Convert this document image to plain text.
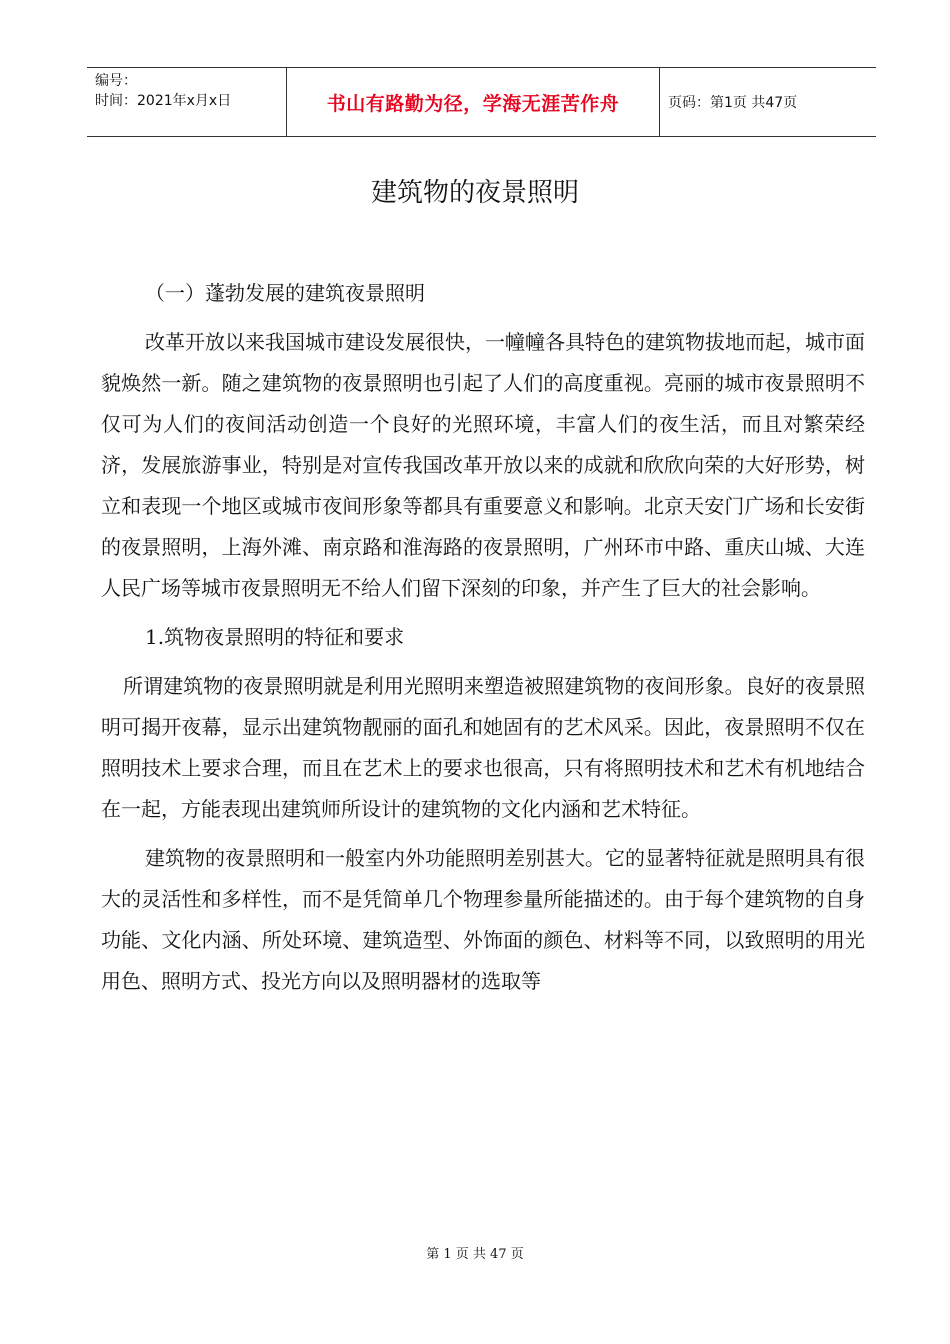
编号：
时间：2021年x月x日	书山有路勤为径，学海无涯苦作舟	页码：第1页 共47页
建筑物的夜景照明

（一）蓬勃发展的建筑夜景照明

改革开放以来我国城市建设发展很快，一幢幢各具特色的建筑物拔地而起，城市面貌焕然一新。随之建筑物的夜景照明也引起了人们的高度重视。亮丽的城市夜景照明不仅可为人们的夜间活动创造一个良好的光照环境，丰富人们的夜生活，而且对繁荣经济，发展旅游事业，特别是对宣传我国改革开放以来的成就和欣欣向荣的大好形势，树立和表现一个地区或城市夜间形象等都具有重要意义和影响。北京天安门广场和长安街的夜景照明，上海外滩、南京路和淮海路的夜景照明，广州环市中路、重庆山城、大连人民广场等城市夜景照明无不给人们留下深刻的印象，并产生了巨大的社会影响。

1.筑物夜景照明的特征和要求

所谓建筑物的夜景照明就是利用光照明来塑造被照建筑物的夜间形象。良好的夜景照明可揭开夜幕，显示出建筑物靓丽的面孔和她固有的艺术风采。因此，夜景照明不仅在照明技术上要求合理，而且在艺术上的要求也很高，只有将照明技术和艺术有机地结合在一起，方能表现出建筑师所设计的建筑物的文化内涵和艺术特征。

建筑物的夜景照明和一般室内外功能照明差别甚大。它的显著特征就是照明具有很大的灵活性和多样性，而不是凭简单几个物理参量所能描述的。由于每个建筑物的自身功能、文化内涵、所处环境、建筑造型、外饰面的颜色、材料等不同，以致照明的用光用色、照明方式、投光方向以及照明器材的选取等

第 1 页 共 47 页
